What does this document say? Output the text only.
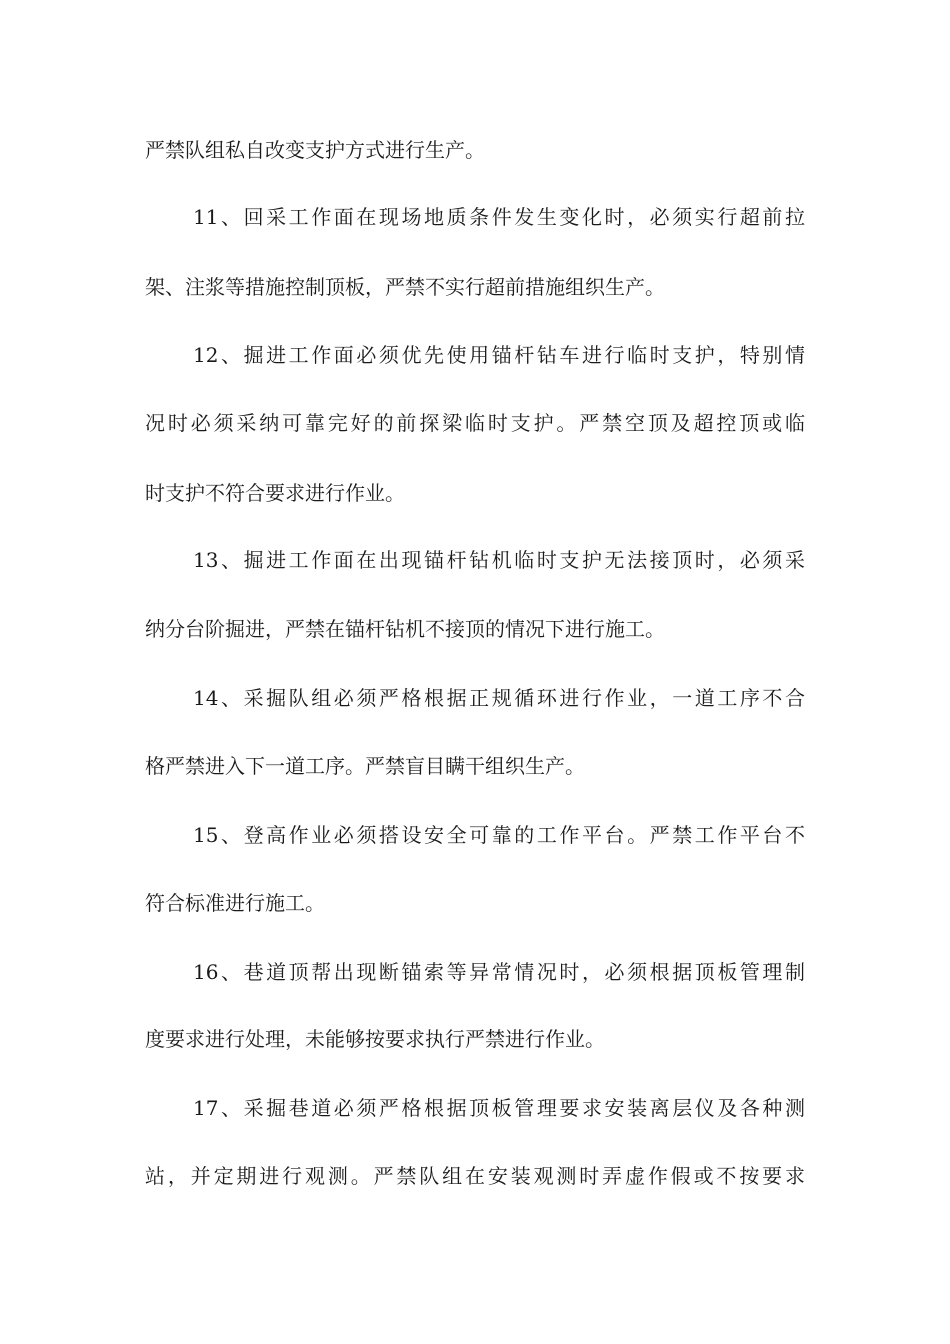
严禁队组私自改变支护方式进行生产。
11、回采工作面在现场地质条件发生变化时，必须实行超前拉
架、注浆等措施控制顶板，严禁不实行超前措施组织生产。
12、掘进工作面必须优先使用锚杆钻车进行临时支护，特别情
况时必须采纳可靠完好的前探梁临时支护。严禁空顶及超控顶或临
时支护不符合要求进行作业。
13、掘进工作面在出现锚杆钻机临时支护无法接顶时，必须采
纳分台阶掘进，严禁在锚杆钻机不接顶的情况下进行施工。
14、采掘队组必须严格根据正规循环进行作业，一道工序不合
格严禁进入下一道工序。严禁盲目瞒干组织生产。
15、登高作业必须搭设安全可靠的工作平台。严禁工作平台不
符合标准进行施工。
16、巷道顶帮出现断锚索等异常情况时，必须根据顶板管理制
度要求进行处理，未能够按要求执行严禁进行作业。
17、采掘巷道必须严格根据顶板管理要求安装离层仪及各种测
站，并定期进行观测。严禁队组在安装观测时弄虚作假或不按要求
